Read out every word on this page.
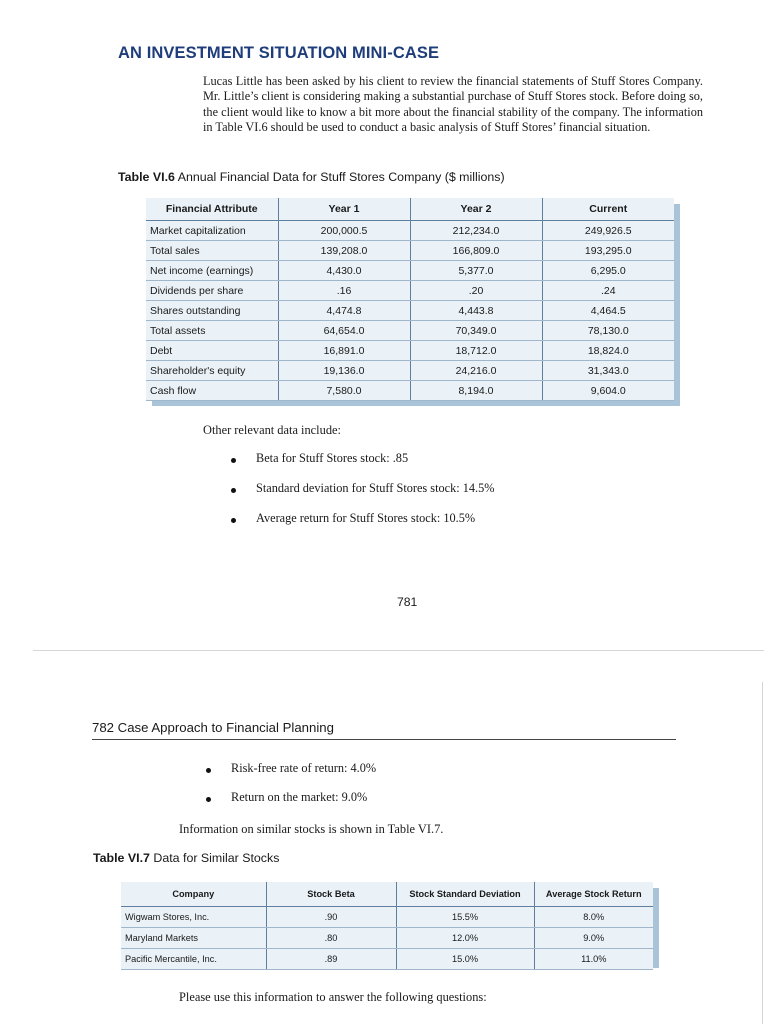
AN INVESTMENT SITUATION MINI-CASE
Lucas Little has been asked by his client to review the financial statements of Stuff Stores Company. Mr. Little’s client is considering making a substantial purchase of Stuff Stores stock. Before doing so, the client would like to know a bit more about the financial stability of the company. The information in Table VI.6 should be used to conduct a basic analysis of Stuff Stores’ financial situation.
Table VI.6 Annual Financial Data for Stuff Stores Company ($ millions)
Financial Attribute	Year 1	Year 2	Current
Market capitalization	200,000.5	212,234.0	249,926.5
Total sales	139,208.0	166,809.0	193,295.0
Net income (earnings)	4,430.0	5,377.0	6,295.0
Dividends per share	.16	.20	.24
Shares outstanding	4,474.8	4,443.8	4,464.5
Total assets	64,654.0	70,349.0	78,130.0
Debt	16,891.0	18,712.0	18,824.0
Shareholder's equity	19,136.0	24,216.0	31,343.0
Cash flow	7,580.0	8,194.0	9,604.0
Other relevant data include:
Beta for Stuff Stores stock: .85
Standard deviation for Stuff Stores stock: 14.5%
Average return for Stuff Stores stock: 10.5%
781
782 Case Approach to Financial Planning
Risk-free rate of return: 4.0%
Return on the market: 9.0%
Information on similar stocks is shown in Table VI.7.
Table VI.7 Data for Similar Stocks
Company	Stock Beta	Stock Standard Deviation	Average Stock Return
Wigwam Stores, Inc.	.90	15.5%	8.0%
Maryland Markets	.80	12.0%	9.0%
Pacific Mercantile, Inc.	.89	15.0%	11.0%
Please use this information to answer the following questions:
